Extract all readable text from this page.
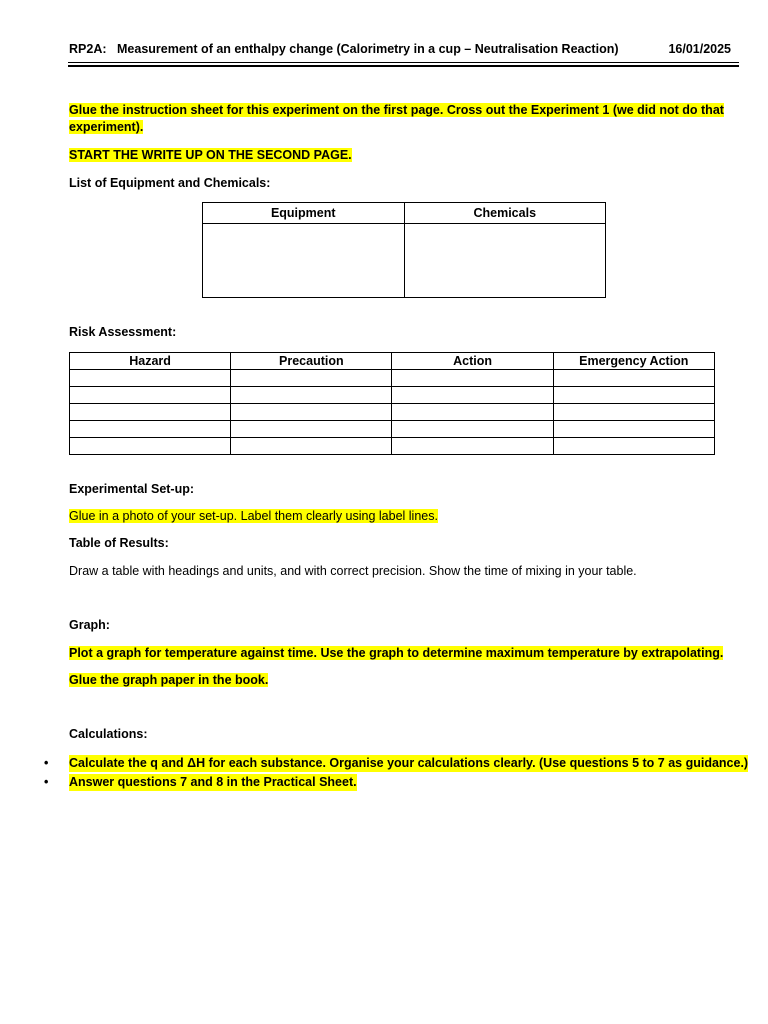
RP2A: Measurement of an enthalpy change (Calorimetry in a cup – Neutralisation Reaction)	16/01/2025
Glue the instruction sheet for this experiment on the first page. Cross out the Experiment 1 (we did not do that
experiment).
START THE WRITE UP ON THE SECOND PAGE.
List of Equipment and Chemicals:
Equipment	Chemicals

Risk Assessment:
Hazard	Precaution	Action	Emergency Action

Experimental Set-up:
Glue in a photo of your set-up. Label them clearly using label lines.
Table of Results:
Draw a table with headings and units, and with correct precision. Show the time of mixing in your table.
Graph:
Plot a graph for temperature against time. Use the graph to determine maximum temperature by extrapolating.
Glue the graph paper in the book.
Calculations:
• Calculate the q and ΔH for each substance. Organise your calculations clearly. (Use questions 5 to 7 as guidance.)
• Answer questions 7 and 8 in the Practical Sheet.
